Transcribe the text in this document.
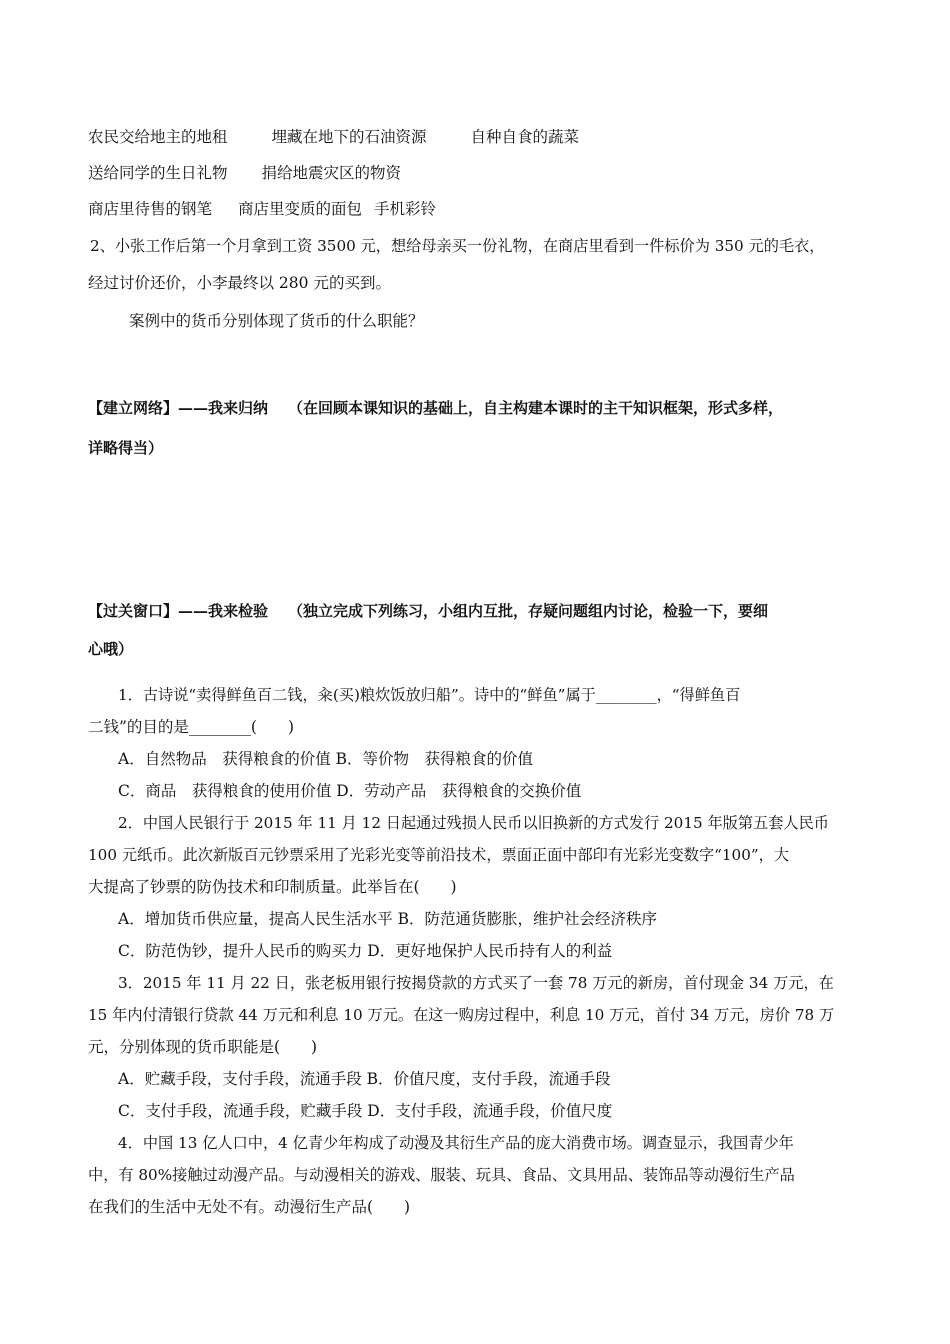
农民交给地主的地租	埋藏在地下的石油资源	自种自食的蔬菜
送给同学的生日礼物 捐给地震灾区的物资
商店里待售的钢笔 商店里变质的面包 手机彩铃
2、小张工作后第一个月拿到工资 3500 元，想给母亲买一份礼物，在商店里看到一件标价为 350 元的毛衣，
经过讨价还价，小李最终以 280 元的买到。
案例中的货币分别体现了货币的什么职能？
【建立网络】——我来归纳 （在回顾本课知识的基础上，自主构建本课时的主干知识框架，形式多样，
详略得当）
【过关窗口】——我来检验 （独立完成下列练习，小组内互批，存疑问题组内讨论，检验一下，要细
心哦）
1．古诗说“卖得鲜鱼百二钱，籴(买)粮炊饭放归船”。诗中的“鲜鱼”属于________，“得鲜鱼百
二钱”的目的是________(　　)
A．自然物品　获得粮食的价值 B．等价物　获得粮食的价值
C．商品　获得粮食的使用价值 D．劳动产品　获得粮食的交换价值
2．中国人民银行于 2015 年 11 月 12 日起通过残损人民币以旧换新的方式发行 2015 年版第五套人民币
100 元纸币。此次新版百元钞票采用了光彩光变等前沿技术，票面正面中部印有光彩光变数字“100”，大
大提高了钞票的防伪技术和印制质量。此举旨在(　　)
A．增加货币供应量，提高人民生活水平 B．防范通货膨胀，维护社会经济秩序
C．防范伪钞，提升人民币的购买力 D．更好地保护人民币持有人的利益
3．2015 年 11 月 22 日，张老板用银行按揭贷款的方式买了一套 78 万元的新房，首付现金 34 万元，在
15 年内付清银行贷款 44 万元和利息 10 万元。在这一购房过程中，利息 10 万元，首付 34 万元，房价 78 万
元，分别体现的货币职能是(　　)
A．贮藏手段，支付手段，流通手段 B．价值尺度，支付手段，流通手段
C．支付手段，流通手段，贮藏手段 D．支付手段，流通手段，价值尺度
4．中国 13 亿人口中，4 亿青少年构成了动漫及其衍生产品的庞大消费市场。调查显示，我国青少年
中，有 80%接触过动漫产品。与动漫相关的游戏、服装、玩具、食品、文具用品、装饰品等动漫衍生产品
在我们的生活中无处不有。动漫衍生产品(　　)
